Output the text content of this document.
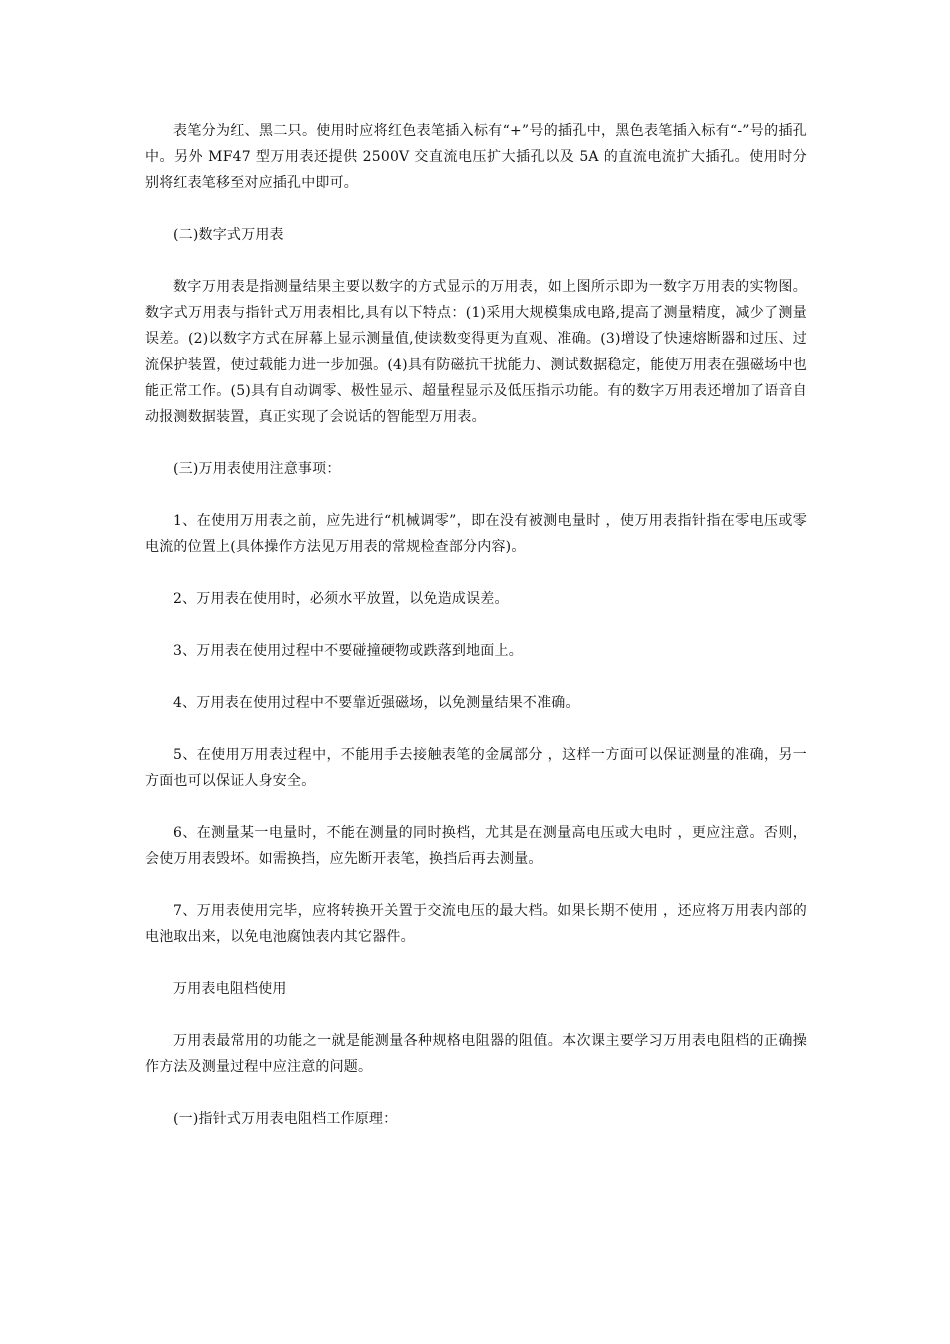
表笔分为红、黑二只。使用时应将红色表笔插入标有“+”号的插孔中，黑色表笔插入标有“-”号的插孔中。另外 MF47 型万用表还提供 2500V 交直流电压扩大插孔以及 5A 的直流电流扩大插孔。使用时分别将红表笔移至对应插孔中即可。

(二)数字式万用表

数字万用表是指测量结果主要以数字的方式显示的万用表，如上图所示即为一数字万用表的实物图。数字式万用表与指针式万用表相比,具有以下特点：(1)采用大规模集成电路,提高了测量精度，减少了测量误差。(2)以数字方式在屏幕上显示测量值,使读数变得更为直观、准确。(3)增设了快速熔断器和过压、过流保护装置，使过载能力进一步加强。(4)具有防磁抗干扰能力、测试数据稳定，能使万用表在强磁场中也能正常工作。(5)具有自动调零、极性显示、超量程显示及低压指示功能。有的数字万用表还增加了语音自动报测数据装置，真正实现了会说话的智能型万用表。

(三)万用表使用注意事项：

1、在使用万用表之前，应先进行“机械调零”，即在没有被测电量时 ，使万用表指针指在零电压或零电流的位置上(具体操作方法见万用表的常规检查部分内容)。

2、万用表在使用时，必须水平放置，以免造成误差。

3、万用表在使用过程中不要碰撞硬物或跌落到地面上。

4、万用表在使用过程中不要靠近强磁场，以免测量结果不准确。

5、在使用万用表过程中，不能用手去接触表笔的金属部分 ，这样一方面可以保证测量的准确，另一方面也可以保证人身安全。

6、在测量某一电量时，不能在测量的同时换档，尤其是在测量高电压或大电时 ，更应注意。否则，会使万用表毁坏。如需换挡，应先断开表笔，换挡后再去测量。

7、万用表使用完毕，应将转换开关置于交流电压的最大档。如果长期不使用 ，还应将万用表内部的电池取出来，以免电池腐蚀表内其它器件。

万用表电阻档使用

万用表最常用的功能之一就是能测量各种规格电阻器的阻值。本次课主要学习万用表电阻档的正确操作方法及测量过程中应注意的问题。

(一)指针式万用表电阻档工作原理：
